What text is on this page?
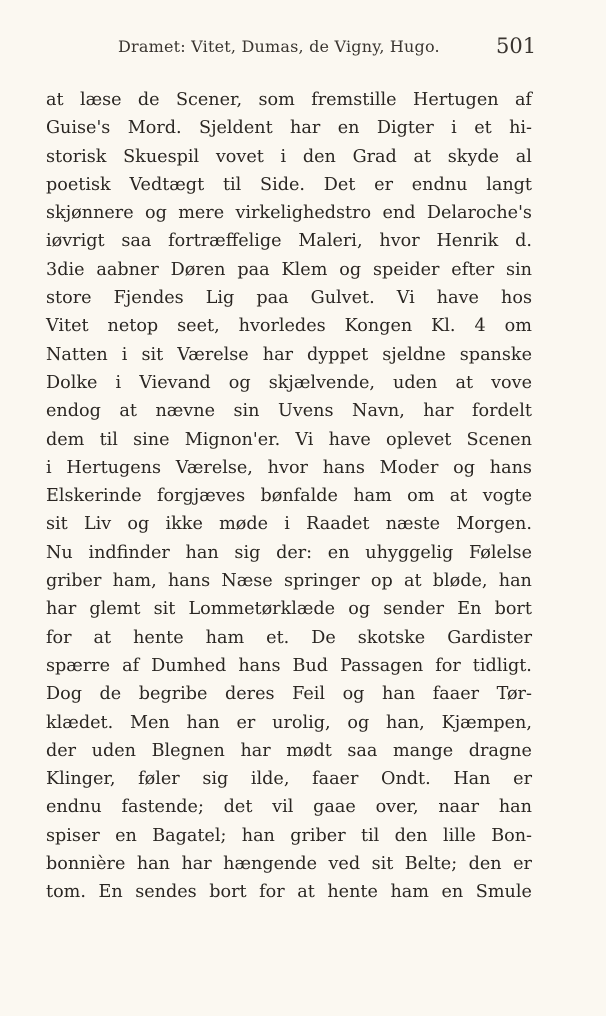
Dramet: Vitet, Dumas, de Vigny, Hugo.	501
at læse de Scener, som fremstille Hertugen af
Guise's Mord. Sjeldent har en Digter i et hi-
storisk Skuespil vovet i den Grad at skyde al
poetisk Vedtægt til Side. Det er endnu langt
skjønnere og mere virkelighedstro end Delaroche's
iøvrigt saa fortræffelige Maleri, hvor Henrik d.
3die aabner Døren paa Klem og speider efter sin
store Fjendes Lig paa Gulvet. Vi have hos
Vitet netop seet, hvorledes Kongen Kl. 4 om
Natten i sit Værelse har dyppet sjeldne spanske
Dolke i Vievand og skjælvende, uden at vove
endog at nævne sin Uvens Navn, har fordelt
dem til sine Mignon'er. Vi have oplevet Scenen
i Hertugens Værelse, hvor hans Moder og hans
Elskerinde forgjæves bønfalde ham om at vogte
sit Liv og ikke møde i Raadet næste Morgen.
Nu indfinder han sig der: en uhyggelig Følelse
griber ham, hans Næse springer op at bløde, han
har glemt sit Lommetørklæde og sender En bort
for at hente ham et. De skotske Gardister
spærre af Dumhed hans Bud Passagen for tidligt.
Dog de begribe deres Feil og han faaer Tør-
klædet. Men han er urolig, og han, Kjæmpen,
der uden Blegnen har mødt saa mange dragne
Klinger, føler sig ilde, faaer Ondt. Han er
endnu fastende; det vil gaae over, naar han
spiser en Bagatel; han griber til den lille Bon-
bonnière han har hængende ved sit Belte; den er
tom. En sendes bort for at hente ham en Smule
